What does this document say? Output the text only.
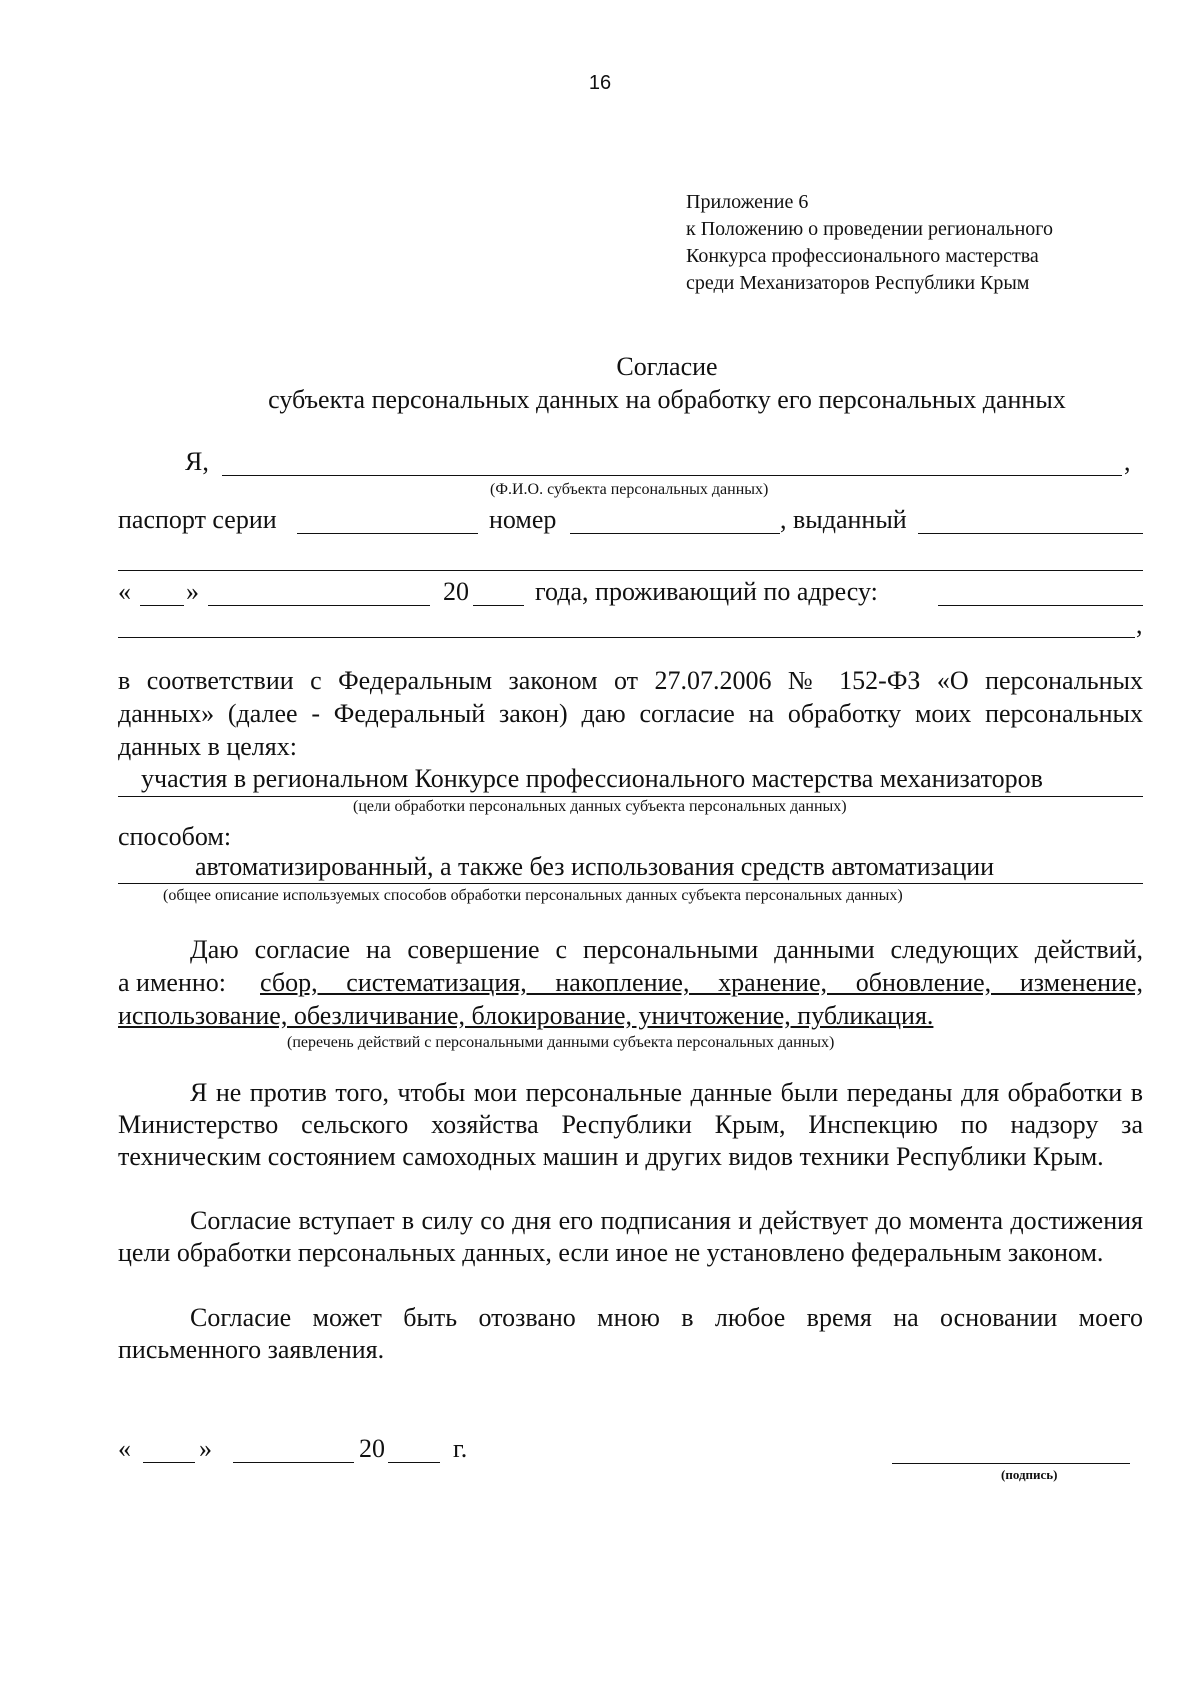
16
Приложение 6
к Положению о проведении регионального
Конкурса профессионального мастерства
среди Механизаторов Республики Крым
Согласие
субъекта персональных данных на обработку его персональных данных
Я,	,
(Ф.И.О. субъекта персональных данных)
паспорт серии	номер	, выданный
« »	20	года, проживающий по адресу:
,
в соответствии с Федеральным законом от 27.07.2006 № 152-ФЗ «О персональных
данных» (далее - Федеральный закон) даю согласие на обработку моих персональных
данных в целях:
участия в региональном Конкурсе профессионального мастерства механизаторов
(цели обработки персональных данных субъекта персональных данных)
способом:
автоматизированный, а также без использования средств автоматизации
(общее описание используемых способов обработки персональных данных субъекта персональных данных)
Даю согласие на совершение с персональными данными следующих действий,
а именно: сбор, систематизация, накопление, хранение, обновление, изменение,
использование, обезличивание, блокирование, уничтожение, публикация.
(перечень действий с персональными данными субъекта персональных данных)
Я не против того, чтобы мои персональные данные были переданы для обработки в Министерство сельского хозяйства Республики Крым, Инспекцию по надзору за техническим состоянием самоходных машин и других видов техники Республики Крым.
Согласие вступает в силу со дня его подписания и действует до момента достижения цели обработки персональных данных, если иное не установлено федеральным законом.
Согласие может быть отозвано мною в любое время на основании моего письменного заявления.
«	»	20	г.
(подпись)
